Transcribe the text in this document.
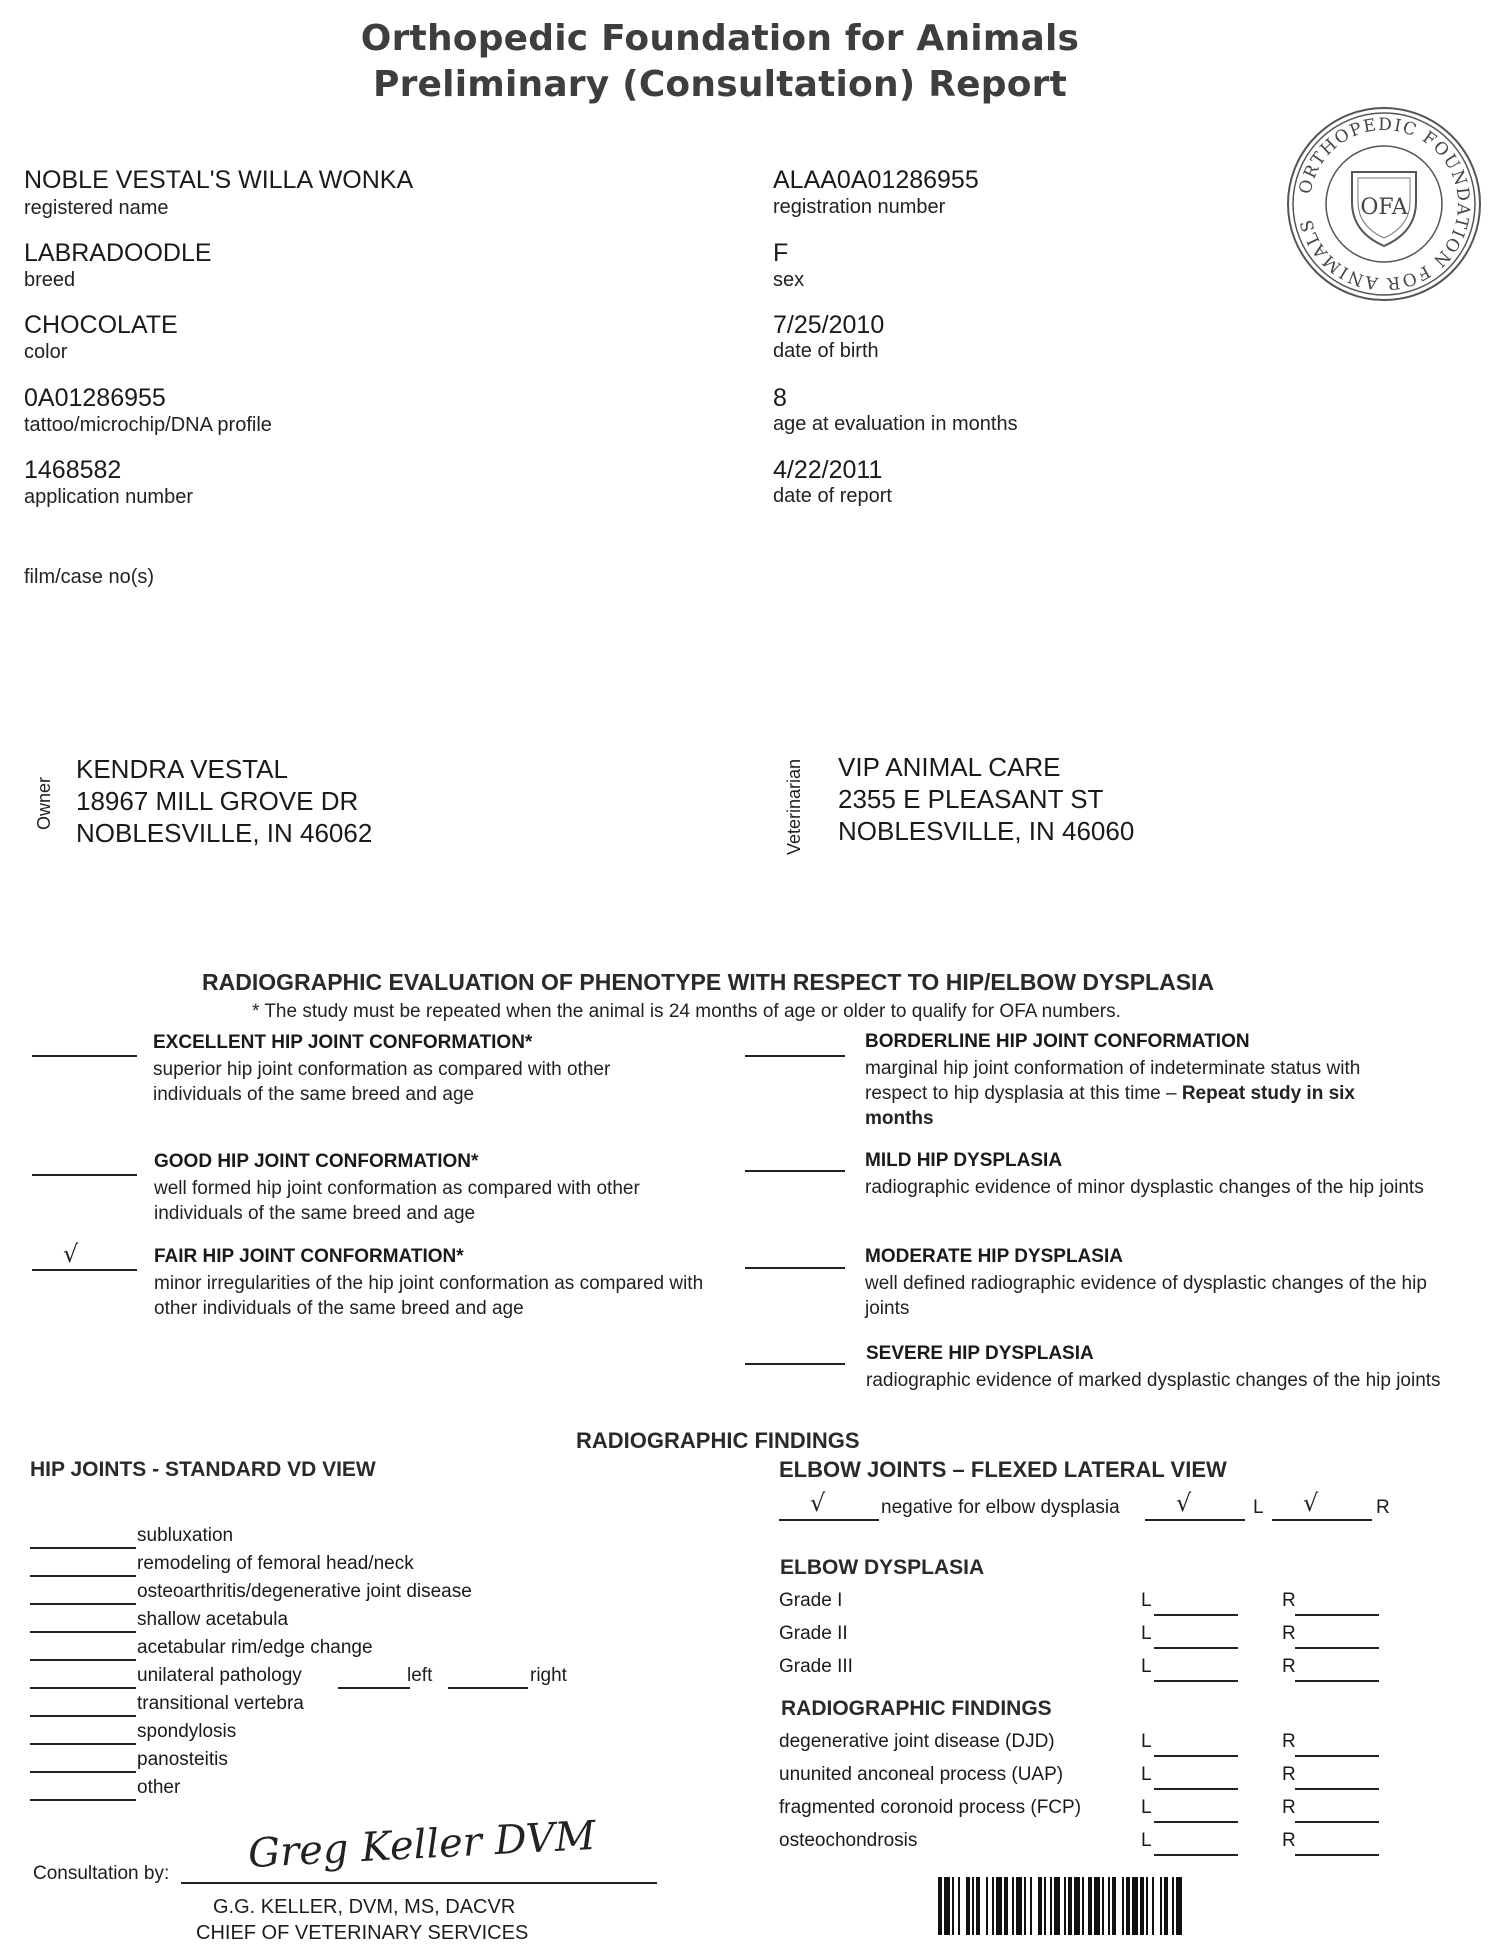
Orthopedic Foundation for Animals
Preliminary (Consultation) Report
ORTHOPEDIC FOUNDATION FOR ANIMALS
OFA
NOBLE VESTAL'S WILLA WONKA
registered name
LABRADOODLE
breed
CHOCOLATE
color
0A01286955
tattoo/microchip/DNA profile
1468582
application number
ALAA0A01286955
registration number
F
sex
7/25/2010
date of birth
8
age at evaluation in months
4/22/2011
date of report
film/case no(s)
Owner
KENDRA VESTAL
18967 MILL GROVE DR
NOBLESVILLE, IN 46062	Veterinarian VIP ANIMAL CARE
2355 E PLEASANT ST
NOBLESVILLE, IN 46060
RADIOGRAPHIC EVALUATION OF PHENOTYPE WITH RESPECT TO HIP/ELBOW DYSPLASIA
* The study must be repeated when the animal is 24 months of age or older to qualify for OFA numbers.
EXCELLENT HIP JOINT CONFORMATION*
superior hip joint conformation as compared with other individuals of the same breed and age
GOOD HIP JOINT CONFORMATION*
well formed hip joint conformation as compared with other individuals of the same breed and age
√	FAIR HIP JOINT CONFORMATION*
minor irregularities of the hip joint conformation as compared with other individuals of the same breed and age
BORDERLINE HIP JOINT CONFORMATION
marginal hip joint conformation of indeterminate status with respect to hip dysplasia at this time – Repeat study in six months
MILD HIP DYSPLASIA
radiographic evidence of minor dysplastic changes of the hip joints
MODERATE HIP DYSPLASIA
well defined radiographic evidence of dysplastic changes of the hip joints
SEVERE HIP DYSPLASIA
radiographic evidence of marked dysplastic changes of the hip joints
RADIOGRAPHIC FINDINGS
HIP JOINTS - STANDARD VD VIEW
subluxation
remodeling of femoral head/neck
osteoarthritis/degenerative joint disease
shallow acetabula
acetabular rim/edge change
unilateral pathology	left	right
transitional vertebra
spondylosis
panosteitis
other
ELBOW JOINTS – FLEXED LATERAL VIEW
√	negative for elbow dysplasia √	L √	R
ELBOW DYSPLASIA
Grade I	L	R
Grade II	L	R
Grade III	L	R
RADIOGRAPHIC FINDINGS
degenerative joint disease (DJD)	L	R
ununited anconeal process (UAP)	L	R
fragmented coronoid process (FCP)	L	R
osteochondrosis	L	R
Consultation by: Greg Keller DVM
G.G. KELLER, DVM, MS, DACVR
CHIEF OF VETERINARY SERVICES
